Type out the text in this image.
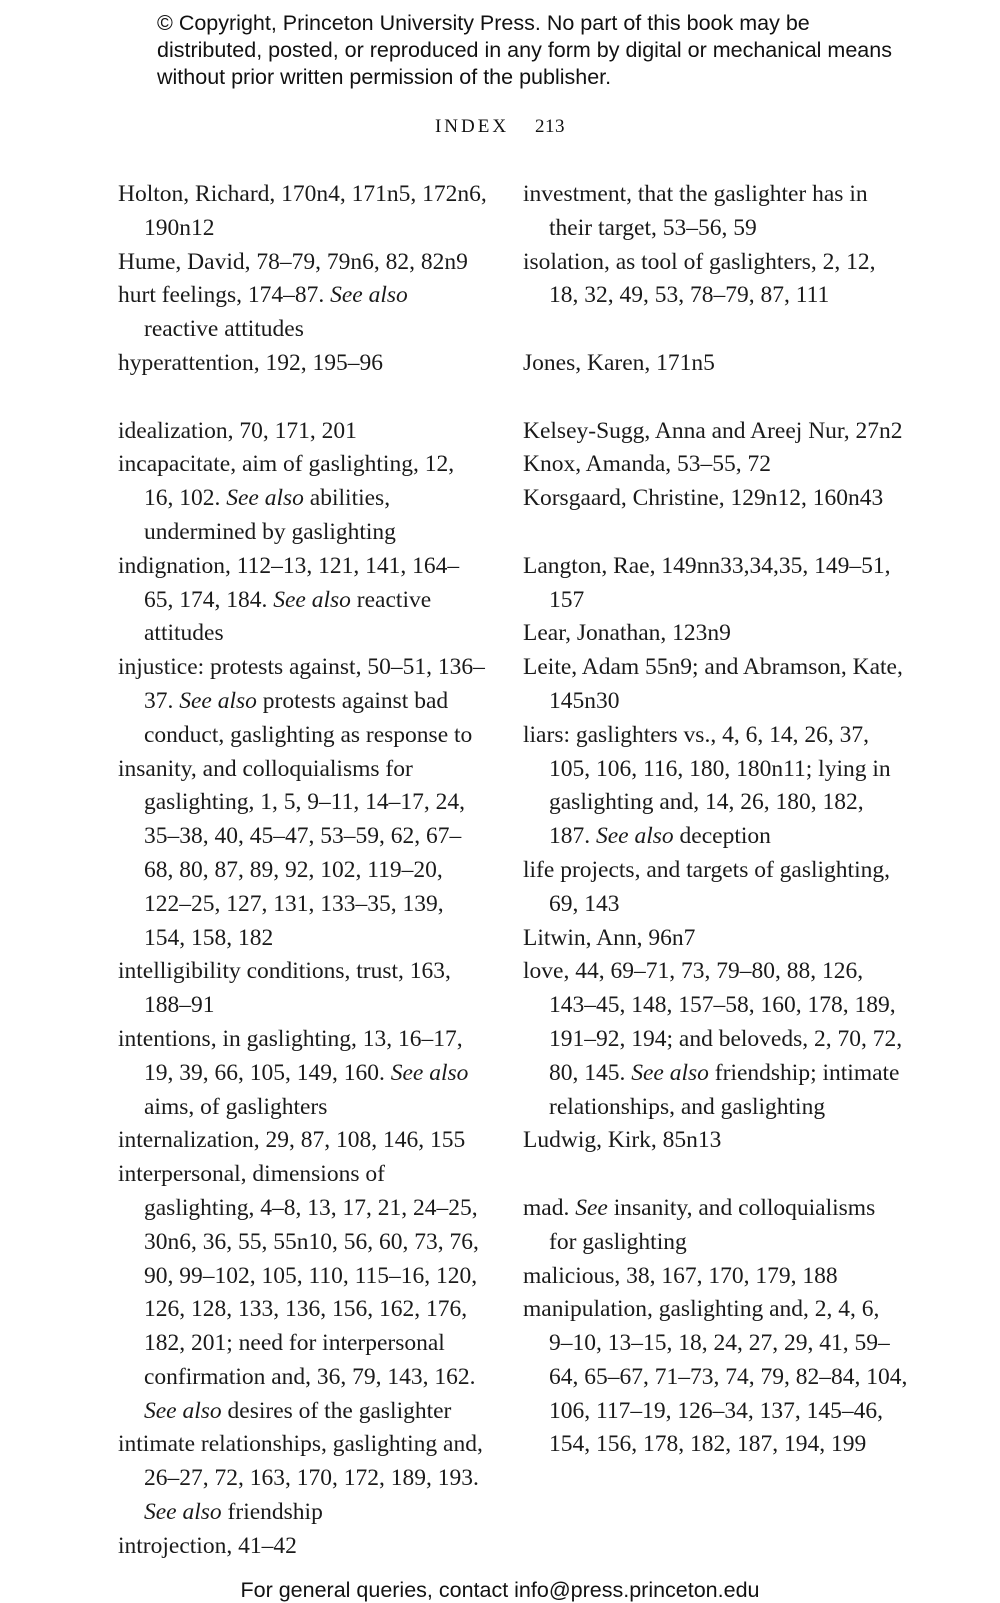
© Copyright, Princeton University Press. No part of this book may be distributed, posted, or reproduced in any form by digital or mechanical means without prior written permission of the publisher.
INDEX 213

Holton, Richard, 170n4, 171n5, 172n6, 190n12

Hume, David, 78–79, 79n6, 82, 82n9

hurt feelings, 174–87. See also reactive attitudes

hyperattention, 192, 195–96

idealization, 70, 171, 201

incapacitate, aim of gaslighting, 12, 16, 102. See also abilities, undermined by gaslighting

indignation, 112–13, 121, 141, 164–65, 174, 184. See also reactive attitudes

injustice: protests against, 50–51, 136–37. See also protests against bad conduct, gaslighting as response to

insanity, and colloquialisms for gaslighting, 1, 5, 9–11, 14–17, 24, 35–38, 40, 45–47, 53–59, 62, 67–68, 80, 87, 89, 92, 102, 119–20, 122–25, 127, 131, 133–35, 139, 154, 158, 182

intelligibility conditions, trust, 163, 188–91

intentions, in gaslighting, 13, 16–17, 19, 39, 66, 105, 149, 160. See also aims, of gaslighters

internalization, 29, 87, 108, 146, 155

interpersonal, dimensions of gaslighting, 4–8, 13, 17, 21, 24–25, 30n6, 36, 55, 55n10, 56, 60, 73, 76, 90, 99–102, 105, 110, 115–16, 120, 126, 128, 133, 136, 156, 162, 176, 182, 201; need for interpersonal confirmation and, 36, 79, 143, 162. See also desires of the gaslighter

intimate relationships, gaslighting and, 26–27, 72, 163, 170, 172, 189, 193. See also friendship

introjection, 41–42

investment, that the gaslighter has in their target, 53–56, 59

isolation, as tool of gaslighters, 2, 12, 18, 32, 49, 53, 78–79, 87, 111

Jones, Karen, 171n5

Kelsey-Sugg, Anna and Areej Nur, 27n2

Knox, Amanda, 53–55, 72

Korsgaard, Christine, 129n12, 160n43

Langton, Rae, 149nn33,34,35, 149–51, 157

Lear, Jonathan, 123n9

Leite, Adam 55n9; and Abramson, Kate, 145n30

liars: gaslighters vs., 4, 6, 14, 26, 37, 105, 106, 116, 180, 180n11; lying in gaslighting and, 14, 26, 180, 182, 187. See also deception

life projects, and targets of gaslighting, 69, 143

Litwin, Ann, 96n7

love, 44, 69–71, 73, 79–80, 88, 126, 143–45, 148, 157–58, 160, 178, 189, 191–92, 194; and beloveds, 2, 70, 72, 80, 145. See also friendship; intimate relationships, and gaslighting

Ludwig, Kirk, 85n13

mad. See insanity, and colloquialisms for gaslighting

malicious, 38, 167, 170, 179, 188

manipulation, gaslighting and, 2, 4, 6, 9–10, 13–15, 18, 24, 27, 29, 41, 59–64, 65–67, 71–73, 74, 79, 82–84, 104, 106, 117–19, 126–34, 137, 145–46, 154, 156, 178, 182, 187, 194, 199

For general queries, contact info@press.princeton.edu
